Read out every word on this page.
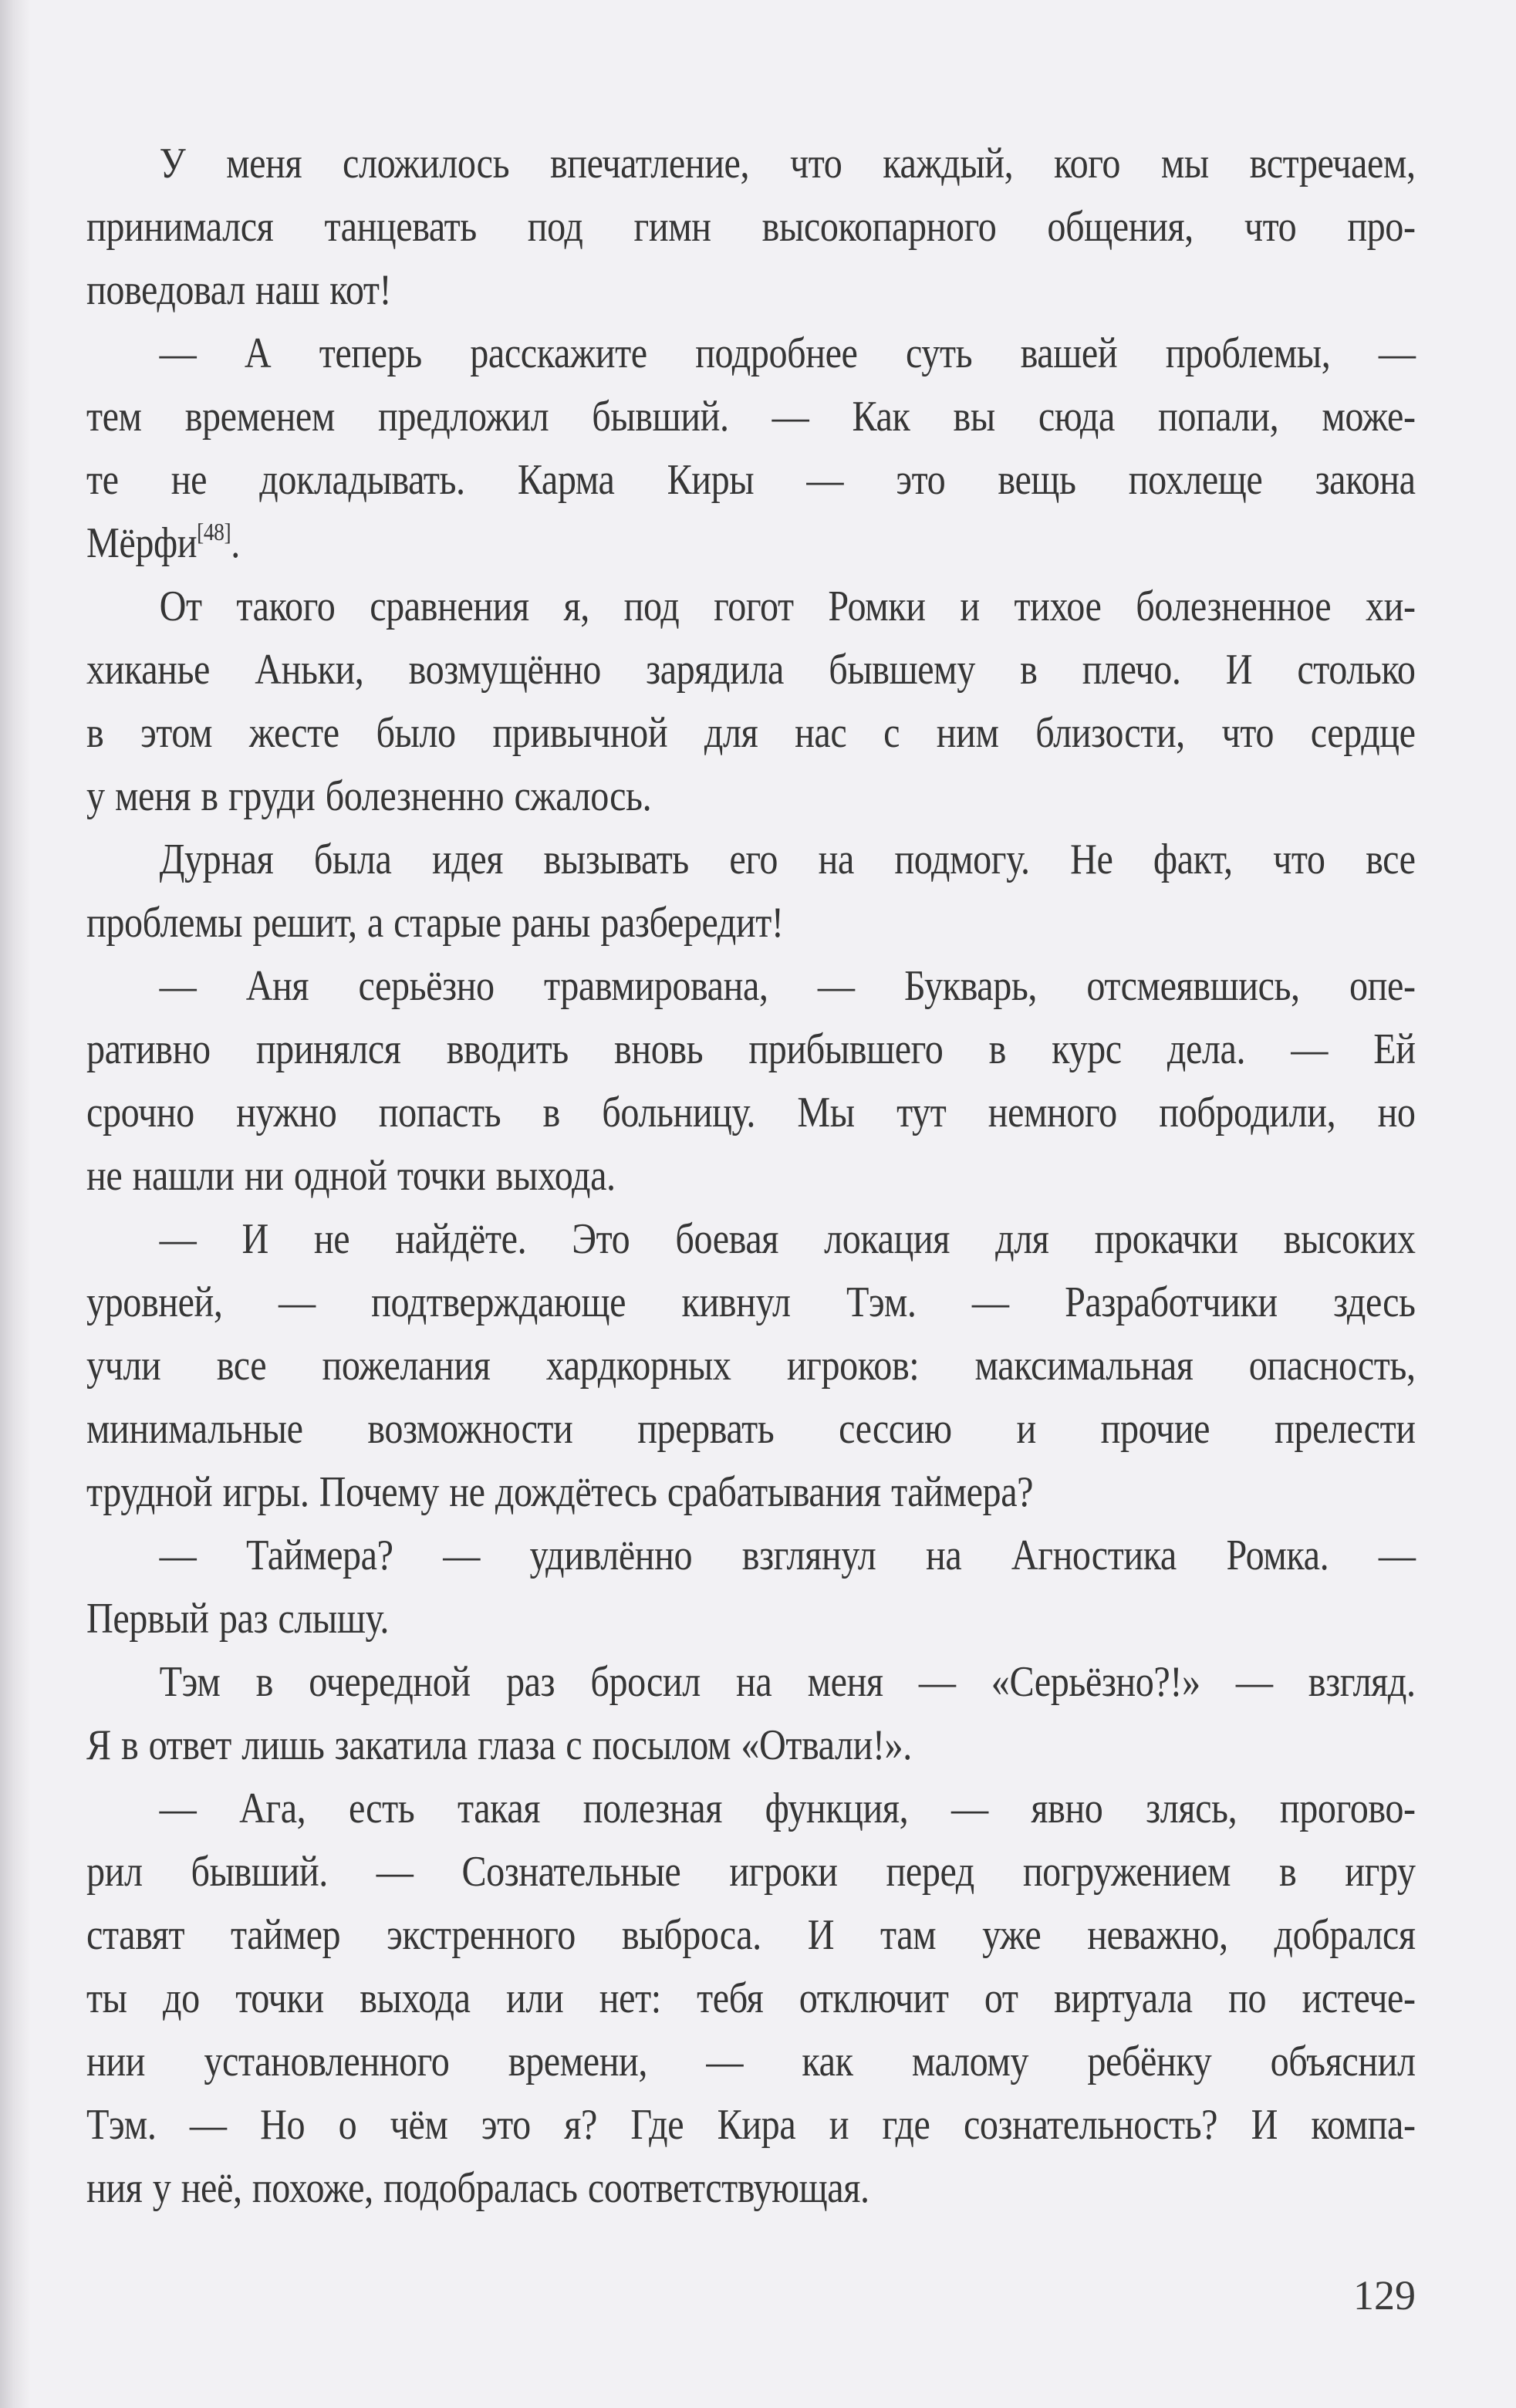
У меня сложилось впечатление, что каждый, кого мы встречаем,
принимался танцевать под гимн высокопарного общения, что про-
поведовал наш кот!
— А теперь расскажите подробнее суть вашей проблемы, —
тем временем предложил бывший. — Как вы сюда попали, може-
те не докладывать. Карма Киры — это вещь похлеще закона
Мёрфи[48].
От такого сравнения я, под гогот Ромки и тихое болезненное хи-
хиканье Аньки, возмущённо зарядила бывшему в плечо. И столько
в этом жесте было привычной для нас с ним близости, что сердце
у меня в груди болезненно сжалось.
Дурная была идея вызывать его на подмогу. Не факт, что все
проблемы решит, а старые раны разбередит!
— Аня серьёзно травмирована, — Букварь, отсмеявшись, опе-
ративно принялся вводить вновь прибывшего в курс дела. — Ей
срочно нужно попасть в больницу. Мы тут немного побродили, но
не нашли ни одной точки выхода.
— И не найдёте. Это боевая локация для прокачки высоких
уровней, — подтверждающе кивнул Тэм. — Разработчики здесь
учли все пожелания хардкорных игроков: максимальная опасность,
минимальные возможности прервать сессию и прочие прелести
трудной игры. Почему не дождётесь срабатывания таймера?
— Таймера? — удивлённо взглянул на Агностика Ромка. —
Первый раз слышу.
Тэм в очередной раз бросил на меня — «Серьёзно?!» — взгляд.
Я в ответ лишь закатила глаза с посылом «Отвали!».
— Ага, есть такая полезная функция, — явно злясь, прогово-
рил бывший. — Сознательные игроки перед погружением в игру
ставят таймер экстренного выброса. И там уже неважно, добрался
ты до точки выхода или нет: тебя отключит от виртуала по истече-
нии установленного времени, — как малому ребёнку объяснил
Тэм. — Но о чём это я? Где Кира и где сознательность? И компа-
ния у неё, похоже, подобралась соответствующая.
129
